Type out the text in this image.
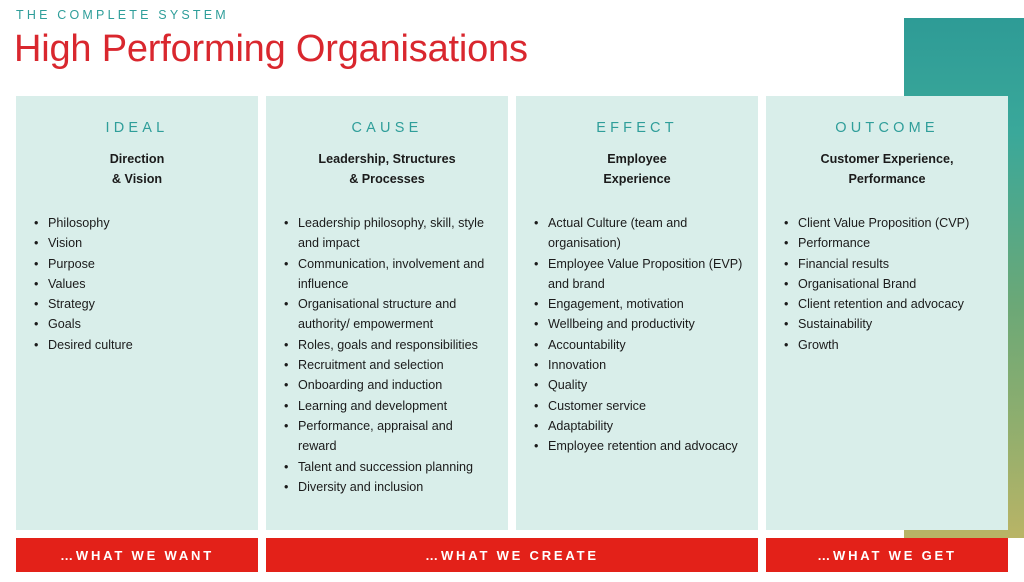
THE COMPLETE SYSTEM
High Performing Organisations
IDEAL
Direction
& Vision
• Philosophy
• Vision
• Purpose
• Values
• Strategy
• Goals
• Desired culture
CAUSE
Leadership, Structures
& Processes
• Leadership philosophy, skill, style and impact
• Communication, involvement and influence
• Organisational structure and authority/ empowerment
• Roles, goals and responsibilities
• Recruitment and selection
• Onboarding and induction
• Learning and development
• Performance, appraisal and reward
• Talent and succession planning
• Diversity and inclusion
EFFECT
Employee
Experience
• Actual Culture (team and organisation)
• Employee Value Proposition (EVP) and brand
• Engagement, motivation
• Wellbeing and productivity
• Accountability
• Innovation
• Quality
• Customer service
• Adaptability
• Employee retention and advocacy
OUTCOME
Customer Experience,
Performance
• Client Value Proposition (CVP)
• Performance
• Financial results
• Organisational Brand
• Client retention and advocacy
• Sustainability
• Growth
…WHAT WE WANT	…WHAT WE CREATE	…WHAT WE GET
